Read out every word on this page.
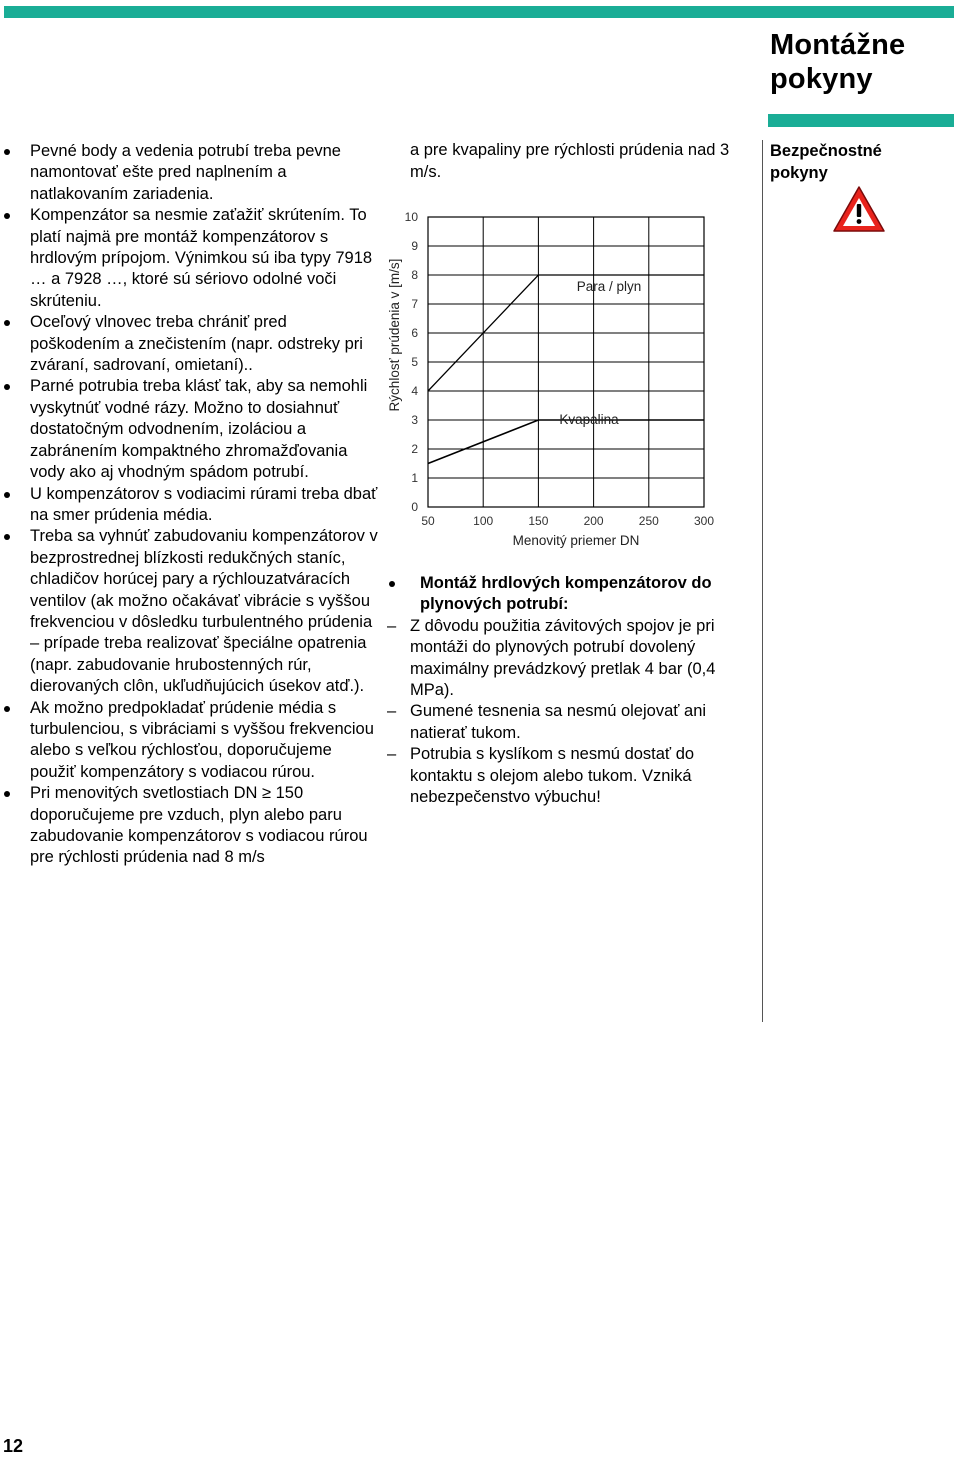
Montážne
pokyny
Bezpečnostné
pokyny
Pevné body a vedenia potrubí treba pevne namontovať ešte pred naplnením a natlakovaním zariadenia.
Kompenzátor sa nesmie zaťažiť skrútením. To platí najmä pre montáž kompenzátorov s hrdlovým prípojom. Výnimkou sú iba typy 7918 … a 7928 …, ktoré sú sériovo odolné voči skrúteniu.
Oceľový vlnovec treba chrániť pred poškodením a znečistením (napr. odstreky pri zváraní, sadrovaní, omietaní)..
Parné potrubia treba klásť tak, aby sa nemohli vyskytnúť vodné rázy. Možno to dosiahnuť dostatočným odvodnením, izoláciou a zabránením kompaktného zhromažďovania vody ako aj vhodným spádom potrubí.
U kompenzátorov s vodiacimi rúrami treba dbať na smer prúdenia média.
Treba sa vyhnúť zabudovaniu kompenzátorov v bezprostrednej blízkosti redukčných staníc, chladičov horúcej pary a rýchlouzatváracích ventilov (ak možno očakávať vibrácie s vyššou frekvenciou v dôsledku turbulentného prúdenia – prípade treba realizovať špeciálne opatrenia (napr. zabudovanie hrubostenných rúr, dierovaných clôn, ukľudňujúcich úsekov atď.).
Ak možno predpokladať prúdenie média s turbulenciou, s vibráciami s vyššou frekvenciou alebo s veľkou rýchlosťou, doporučujeme použiť kompenzátory s vodiacou rúrou.
Pri menovitých svetlostiach DN ≥ 150 doporučujeme pre vzduch, plyn alebo paru zabudovanie kompenzátorov s vodiacou rúrou pre rýchlosti prúdenia nad 8 m/s
a pre kvapaliny pre rýchlosti prúdenia nad 3 m/s.
0
1
2
3
4
5
6
7
8
9
10
50	100	150	200	250	300
Para / plyn
Kvapalina
Menovitý priemer DN
Rýchlosť prúdenia v [m/s]
Montáž hrdlových kompenzátorov do plynových potrubí:
– Z dôvodu použitia závitových spojov je pri montáži do plynových potrubí dovolený maximálny prevádzkový pretlak 4 bar (0,4 MPa).
– Gumené tesnenia sa nesmú olejovať ani natierať tukom.
– Potrubia s kyslíkom s nesmú dostať do kontaktu s olejom alebo tukom. Vzniká nebezpečenstvo výbuchu!
12
